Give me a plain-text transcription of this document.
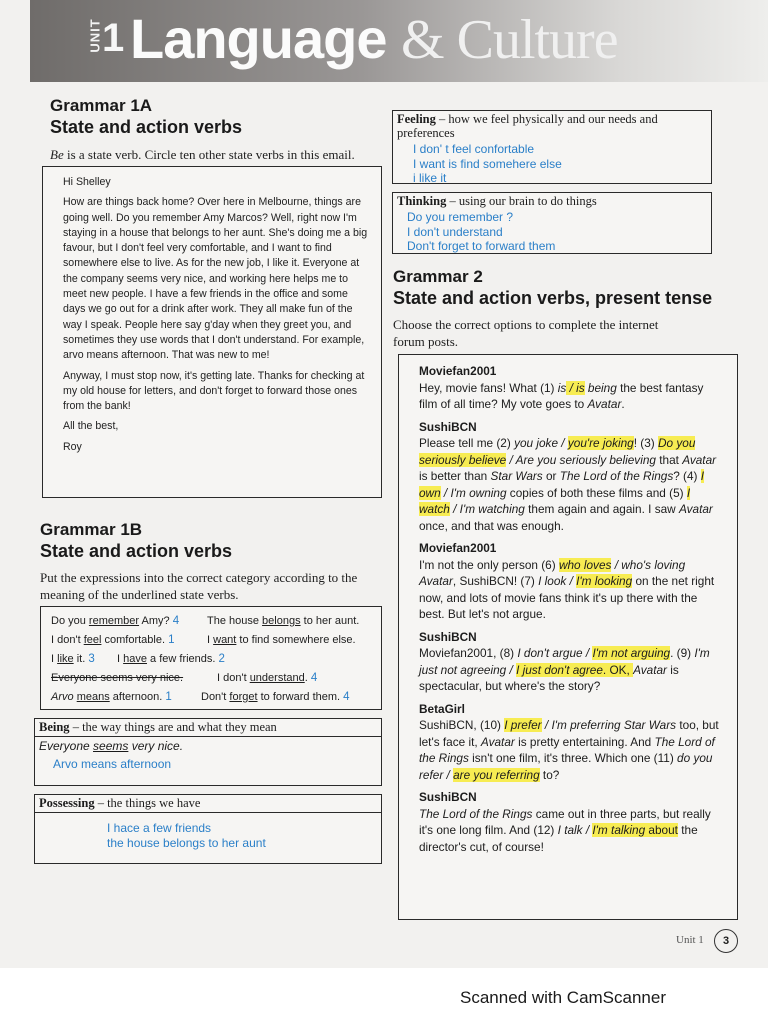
UNIT 1 Language & Culture
Grammar 1A
State and action verbs
Be is a state verb. Circle ten other state verbs in this email.

Hi Shelley

How are things back home? Over here in Melbourne, things are going well. Do you remember Amy Marcos? Well, right now I'm staying in a house that belongs to her aunt. She's doing me a big favour, but I don't feel very comfortable, and I want to find somewhere else to live. As for the new job, I like it. Everyone at the company seems very nice, and working here helps me to meet new people. I have a few friends in the office and some days we go out for a drink after work. They all make fun of the way I speak. People here say g'day when they greet you, and sometimes they use words that I don't understand. For example, arvo means afternoon. That was new to me!

Anyway, I must stop now, it's getting late. Thanks for checking at my old house for letters, and don't forget to forward those ones from the bank!

All the best,

Roy

Grammar 1B
State and action verbs
Put the expressions into the correct category according to the meaning of the underlined state verbs.
Do you remember Amy? 4	The house belongs to her aunt.
I don't feel comfortable. 1	I want to find somewhere else.
I like it. 3 I have a few friends. 2
Everyone seems very nice.	I don't understand. 4
Arvo means afternoon. 1	Don't forget to forward them. 4
Being – the way things are and what they mean
Everyone seems very nice.
Arvo means afternoon
Possessing – the things we have
I hace a few friends
the house belongs to her aunt
Feeling – how we feel physically and our needs and preferences
I don' t feel confortable
I want is find somehere else
i like it
Thinking – using our brain to do things
Do you remember ?
I don't understand
Don't forget to forward them
Grammar 2
State and action verbs, present tense
Choose the correct options to complete the internet forum posts.
Moviefan2001

Hey, movie fans! What (1) is / is being the best fantasy film of all time? My vote goes to Avatar.

SushiBCN

Please tell me (2) you joke / you're joking! (3) Do you seriously believe / Are you seriously believing that Avatar is better than Star Wars or The Lord of the Rings? (4) I own / I'm owning copies of both these films and (5) I watch / I'm watching them again and again. I saw Avatar once, and that was enough.

Moviefan2001

I'm not the only person (6) who loves / who's loving Avatar, SushiBCN! (7) I look / I'm looking on the net right now, and lots of movie fans think it's up there with the best. But let's not argue.

SushiBCN

Moviefan2001, (8) I don't argue / I'm not arguing. (9) I'm just not agreeing / I just don't agree. OK, Avatar is spectacular, but where's the story?

BetaGirl

SushiBCN, (10) I prefer / I'm preferring Star Wars too, but let's face it, Avatar is pretty entertaining. And The Lord of the Rings isn't one film, it's three. Which one (11) do you refer / are you referring to?

SushiBCN

The Lord of the Rings came out in three parts, but really it's one long film. And (12) I talk / I'm talking about the director's cut, of course!

Unit 1	3
Scanned with CamScanner
